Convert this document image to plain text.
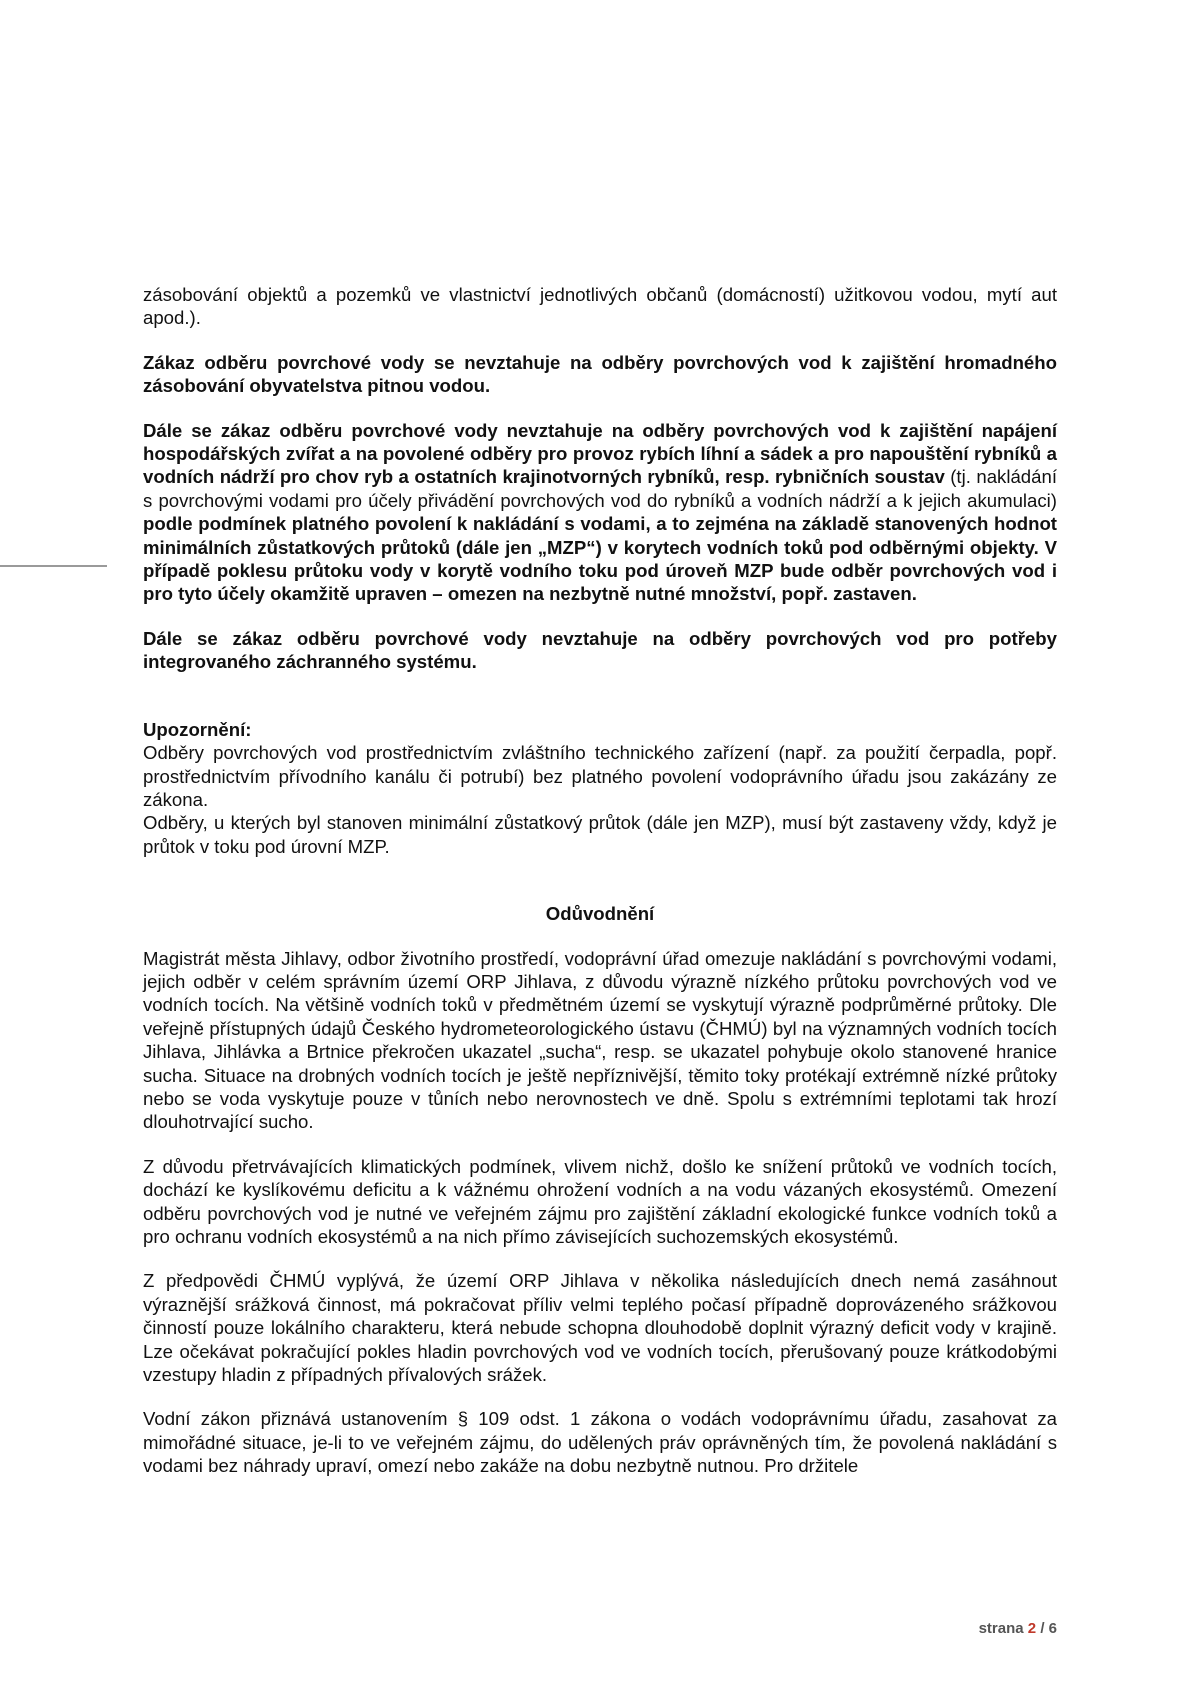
zásobování objektů a pozemků ve vlastnictví jednotlivých občanů (domácností) užitkovou vodou, mytí aut apod.).

Zákaz odběru povrchové vody se nevztahuje na odběry povrchových vod k zajištění hromadného zásobování obyvatelstva pitnou vodou.

Dále se zákaz odběru povrchové vody nevztahuje na odběry povrchových vod k zajištění napájení hospodářských zvířat a na povolené odběry pro provoz rybích líhní a sádek a pro napouštění rybníků a vodních nádrží pro chov ryb a ostatních krajinotvorných rybníků, resp. rybničních soustav (tj. nakládání s povrchovými vodami pro účely přivádění povrchových vod do rybníků a vodních nádrží a k jejich akumulaci) podle podmínek platného povolení k nakládání s vodami, a to zejména na základě stanovených hodnot minimálních zůstatkových průtoků (dále jen „MZP“) v korytech vodních toků pod odběrnými objekty. V případě poklesu průtoku vody v korytě vodního toku pod úroveň MZP bude odběr povrchových vod i pro tyto účely okamžitě upraven – omezen na nezbytně nutné množství, popř. zastaven.

Dále se zákaz odběru povrchové vody nevztahuje na odběry povrchových vod pro potřeby integrovaného záchranného systému.

Upozornění:

Odběry povrchových vod prostřednictvím zvláštního technického zařízení (např. za použití čerpadla, popř. prostřednictvím přívodního kanálu či potrubí) bez platného povolení vodoprávního úřadu jsou zakázány ze zákona.

Odběry, u kterých byl stanoven minimální zůstatkový průtok (dále jen MZP), musí být zastaveny vždy, když je průtok v toku pod úrovní MZP.

Odůvodnění

Magistrát města Jihlavy, odbor životního prostředí, vodoprávní úřad omezuje nakládání s povrchovými vodami, jejich odběr v celém správním území ORP Jihlava, z důvodu výrazně nízkého průtoku povrchových vod ve vodních tocích. Na většině vodních toků v předmětném území se vyskytují výrazně podprůměrné průtoky. Dle veřejně přístupných údajů Českého hydrometeorologického ústavu (ČHMÚ) byl na významných vodních tocích Jihlava, Jihlávka a Brtnice překročen ukazatel „sucha“, resp. se ukazatel pohybuje okolo stanovené hranice sucha. Situace na drobných vodních tocích je ještě nepříznivější, těmito toky protékají extrémně nízké průtoky nebo se voda vyskytuje pouze v tůních nebo nerovnostech ve dně. Spolu s extrémními teplotami tak hrozí dlouhotrvající sucho.

Z důvodu přetrvávajících klimatických podmínek, vlivem nichž, došlo ke snížení průtoků ve vodních tocích, dochází ke kyslíkovému deficitu a k vážnému ohrožení vodních a na vodu vázaných ekosystémů. Omezení odběru povrchových vod je nutné ve veřejném zájmu pro zajištění základní ekologické funkce vodních toků a pro ochranu vodních ekosystémů a na nich přímo závisejících suchozemských ekosystémů.

Z předpovědi ČHMÚ vyplývá, že území ORP Jihlava v několika následujících dnech nemá zasáhnout výraznější srážková činnost, má pokračovat příliv velmi teplého počasí případně doprovázeného srážkovou činností pouze lokálního charakteru, která nebude schopna dlouhodobě doplnit výrazný deficit vody v krajině. Lze očekávat pokračující pokles hladin povrchových vod ve vodních tocích, přerušovaný pouze krátkodobými vzestupy hladin z případných přívalových srážek.

Vodní zákon přiznává ustanovením § 109 odst. 1 zákona o vodách vodoprávnímu úřadu, zasahovat za mimořádné situace, je-li to ve veřejném zájmu, do udělených práv oprávněných tím, že povolená nakládání s vodami bez náhrady upraví, omezí nebo zakáže na dobu nezbytně nutnou. Pro držitele

strana 2 / 6
